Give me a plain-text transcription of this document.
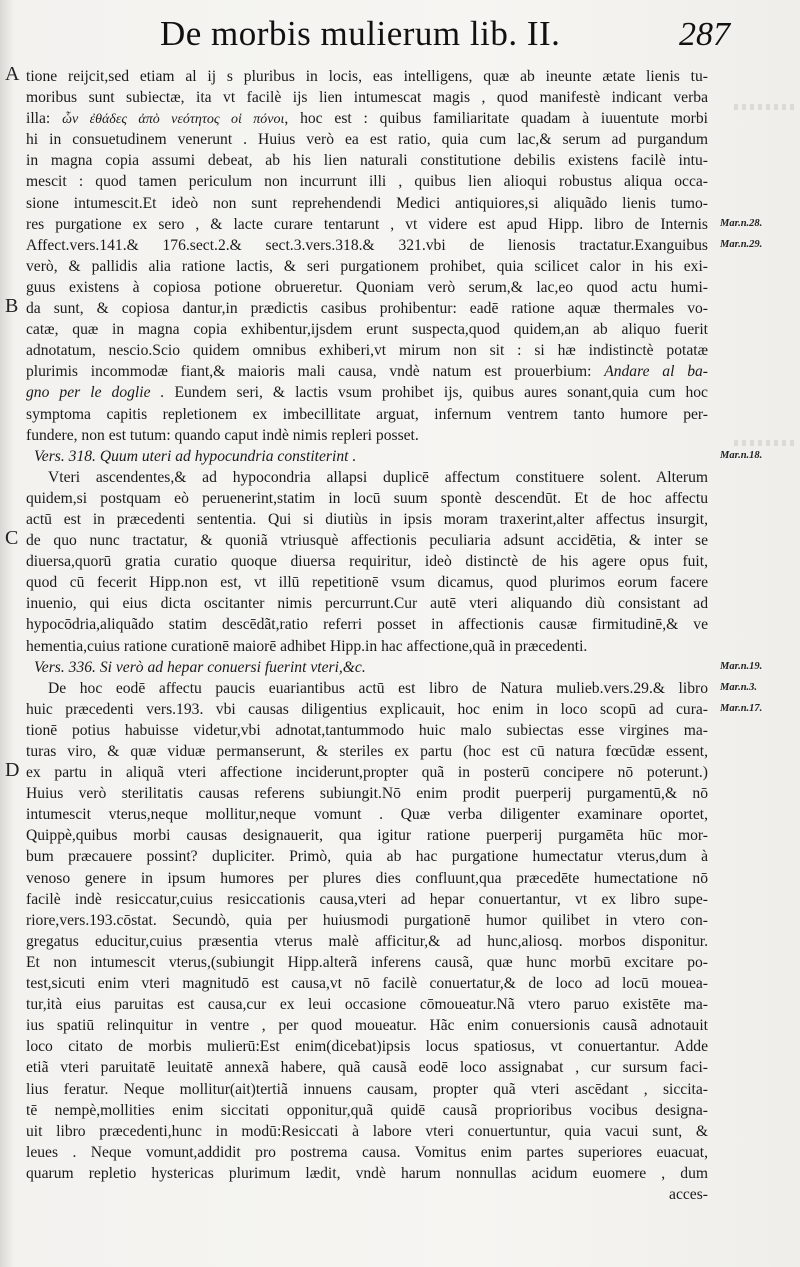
De morbis mulierum lib. II.	287
A
B
C
D
Mar.n.28.
Mar.n.29.
Mar.n.18.
Mar.n.19.
Mar.n.3.
Mar.n.17.
tione reijcit,sed etiam al ij s pluribus in locis, eas intelligens, quæ ab ineunte ætate lienis tu-
moribus sunt subiectæ, ita vt facilè ijs lien intumescat magis , quod manifestè indicant verba
illa: ὧν ἐθάδες ἀπὸ νεότητος οἱ πόνοι, hoc est : quibus familiaritate quadam à iuuentute morbi
hi in consuetudinem venerunt . Huius verò ea est ratio, quia cum lac,& serum ad purgandum
in magna copia assumi debeat, ab his lien naturali constitutione debilis existens facilè intu-
mescit : quod tamen periculum non incurrunt illi , quibus lien alioqui robustus aliqua occa-
sione intumescit.Et ideò non sunt reprehendendi Medici antiquiores,si aliquãdo lienis tumo-
res purgatione ex sero , & lacte curare tentarunt , vt videre est apud Hipp. libro de Internis
Affect.vers.141.& 176.sect.2.& sect.3.vers.318.& 321.vbi de lienosis tractatur.Exanguibus
verò, & pallidis alia ratione lactis, & seri purgationem prohibet, quia scilicet calor in his exi-
guus existens à copiosa potione obrueretur. Quoniam verò serum,& lac,eo quod actu humi-
da sunt, & copiosa dantur,in prædictis casibus prohibentur: eadē ratione aquæ thermales vo-
catæ, quæ in magna copia exhibentur,ijsdem erunt suspecta,quod quidem,an ab aliquo fuerit
adnotatum, nescio.Scio quidem omnibus exhiberi,vt mirum non sit : si hæ indistinctè potatæ
plurimis incommodæ fiant,& maioris mali causa, vndè natum est prouerbium: Andare al ba-
gno per le doglie . Eundem seri, & lactis vsum prohibet ijs, quibus aures sonant,quia cum hoc
symptoma capitis repletionem ex imbecillitate arguat, infernum ventrem tanto humore per-
fundere, non est tutum: quando caput indè nimis repleri posset.
Vers. 318. Quum uteri ad hypocundria constiterint .
Vteri ascendentes,& ad hypocondria allapsi duplicē affectum constituere solent. Alterum
quidem,si postquam eò peruenerint,statim in locū suum spontè descendūt. Et de hoc affectu
actū est in præcedenti sententia. Qui si diutiùs in ipsis moram traxerint,alter affectus insurgit,
de quo nunc tractatur, & quoniã vtriusquè affectionis peculiaria adsunt accidētia, & inter se
diuersa,quorū gratia curatio quoque diuersa requiritur, ideò distinctè de his agere opus fuit,
quod cū fecerit Hipp.non est, vt illū repetitionē vsum dicamus, quod plurimos eorum facere
inuenio, qui eius dicta oscitanter nimis percurrunt.Cur autē vteri aliquando diù consistant ad
hypocōdria,aliquãdo statim descēdãt,ratio referri posset in affectionis causæ firmitudinē,& ve
hementia,cuius ratione curationē maiorē adhibet Hipp.in hac affectione,quã in præcedenti.
Vers. 336. Si verò ad hepar conuersi fuerint vteri,&c.
De hoc eodē affectu paucis euariantibus actū est libro de Natura mulieb.vers.29.& libro
huic præcedenti vers.193. vbi causas diligentius explicauit, hoc enim in loco scopū ad cura-
tionē potius habuisse videtur,vbi adnotat,tantummodo huic malo subiectas esse virgines ma-
turas viro, & quæ viduæ permanserunt, & steriles ex partu (hoc est cū natura fœcūdæ essent,
ex partu in aliquã vteri affectione inciderunt,propter quã in posterū concipere nō poterunt.)
Huius verò sterilitatis causas referens subiungit.Nō enim prodit puerperij purgamentū,& nō
intumescit vterus,neque mollitur,neque vomunt . Quæ verba diligenter examinare oportet,
Quippè,quibus morbi causas designauerit, qua igitur ratione puerperij purgamēta hūc mor-
bum præcauere possint? dupliciter. Primò, quia ab hac purgatione humectatur vterus,dum à
venoso genere in ipsum humores per plures dies confluunt,qua præcedēte humectatione nō
facilè indè resiccatur,cuius resiccationis causa,vteri ad hepar conuertantur, vt ex libro supe-
riore,vers.193.cōstat. Secundò, quia per huiusmodi purgationē humor quilibet in vtero con-
gregatus educitur,cuius præsentia vterus malè afficitur,& ad hunc,aliosq. morbos disponitur.
Et non intumescit vterus,(subiungit Hipp.alterã inferens causã, quæ hunc morbū excitare po-
test,sicuti enim vteri magnitudō est causa,vt nō facilè conuertatur,& de loco ad locū mouea-
tur,ità eius paruitas est causa,cur ex leui occasione cōmoueatur.Nã vtero paruo existēte ma-
ius spatiū relinquitur in ventre , per quod moueatur. Hãc enim conuersionis causã adnotauit
loco citato de morbis mulierū:Est enim(dicebat)ipsis locus spatiosus, vt conuertantur. Adde
etiã vteri paruitatē leuitatē annexã habere, quã causã eodē loco assignabat , cur sursum faci-
lius feratur. Neque mollitur(ait)tertiã innuens causam, propter quã vteri ascēdant , siccita-
tē nempè,mollities enim siccitati opponitur,quã quidē causã proprioribus vocibus designa-
uit libro præcedenti,hunc in modū:Resiccati à labore vteri conuertuntur, quia vacui sunt, &
leues . Neque vomunt,addidit pro postrema causa. Vomitus enim partes superiores euacuat,
quarum repletio hystericas plurimum lædit, vndè harum nonnullas acidum euomere , dum
acces-
